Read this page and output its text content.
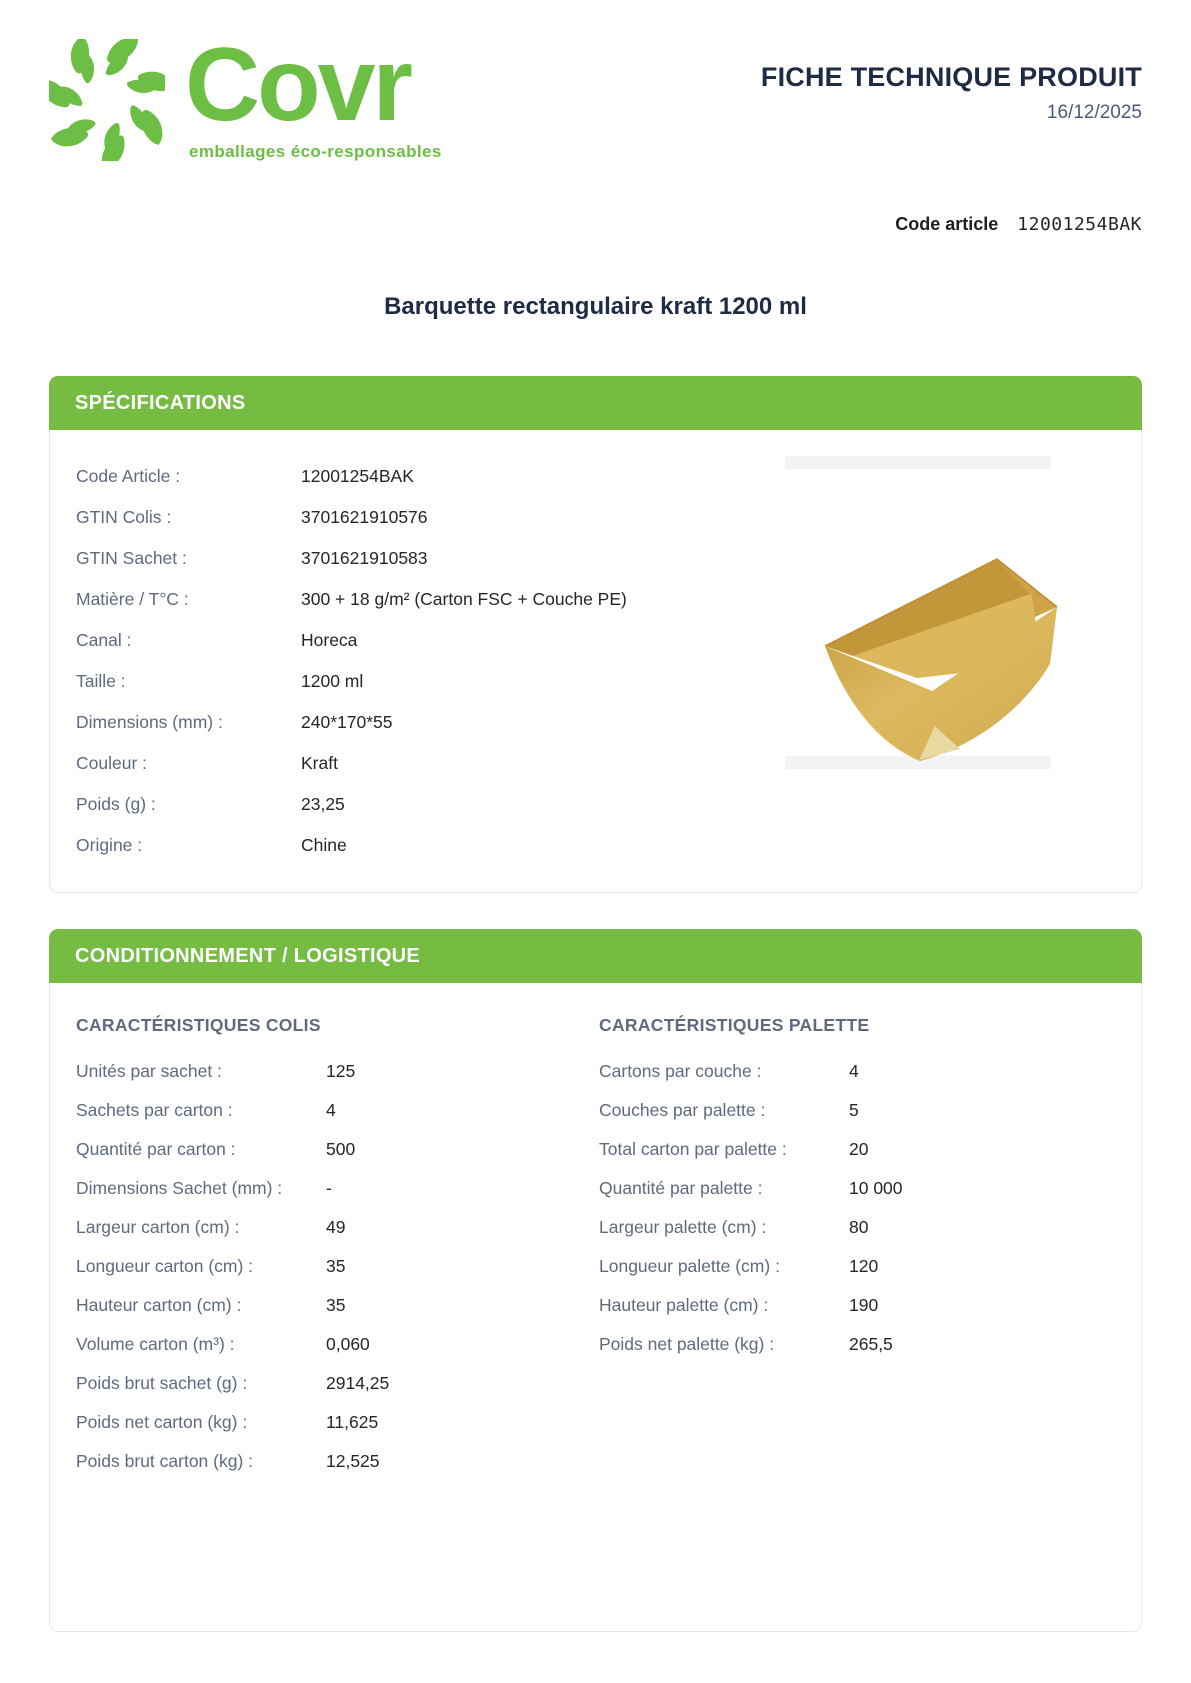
Covr
emballages éco-responsables
FICHE TECHNIQUE PRODUIT
16/12/2025
Code article 12001254BAK
Barquette rectangulaire kraft 1200 ml
SPÉCIFICATIONS
Code Article :	12001254BAK
GTIN Colis :	3701621910576
GTIN Sachet :	3701621910583
Matière / T°C :	300 + 18 g/m² (Carton FSC + Couche PE)
Canal :	Horeca
Taille :	1200 ml
Dimensions (mm) :	240*170*55
Couleur :	Kraft
Poids (g) :	23,25
Origine :	Chine
CONDITIONNEMENT / LOGISTIQUE
CARACTÉRISTIQUES COLIS
Unités par sachet :	125
Sachets par carton :	4
Quantité par carton :	500
Dimensions Sachet (mm) :	-
Largeur carton (cm) :	49
Longueur carton (cm) :	35
Hauteur carton (cm) :	35
Volume carton (m³) :	0,060
Poids brut sachet (g) :	2914,25
Poids net carton (kg) :	11,625
Poids brut carton (kg) :	12,525
CARACTÉRISTIQUES PALETTE
Cartons par couche :	4
Couches par palette :	5
Total carton par palette :	20
Quantité par palette :	10 000
Largeur palette (cm) :	80
Longueur palette (cm) :	120
Hauteur palette (cm) :	190
Poids net palette (kg) :	265,5
